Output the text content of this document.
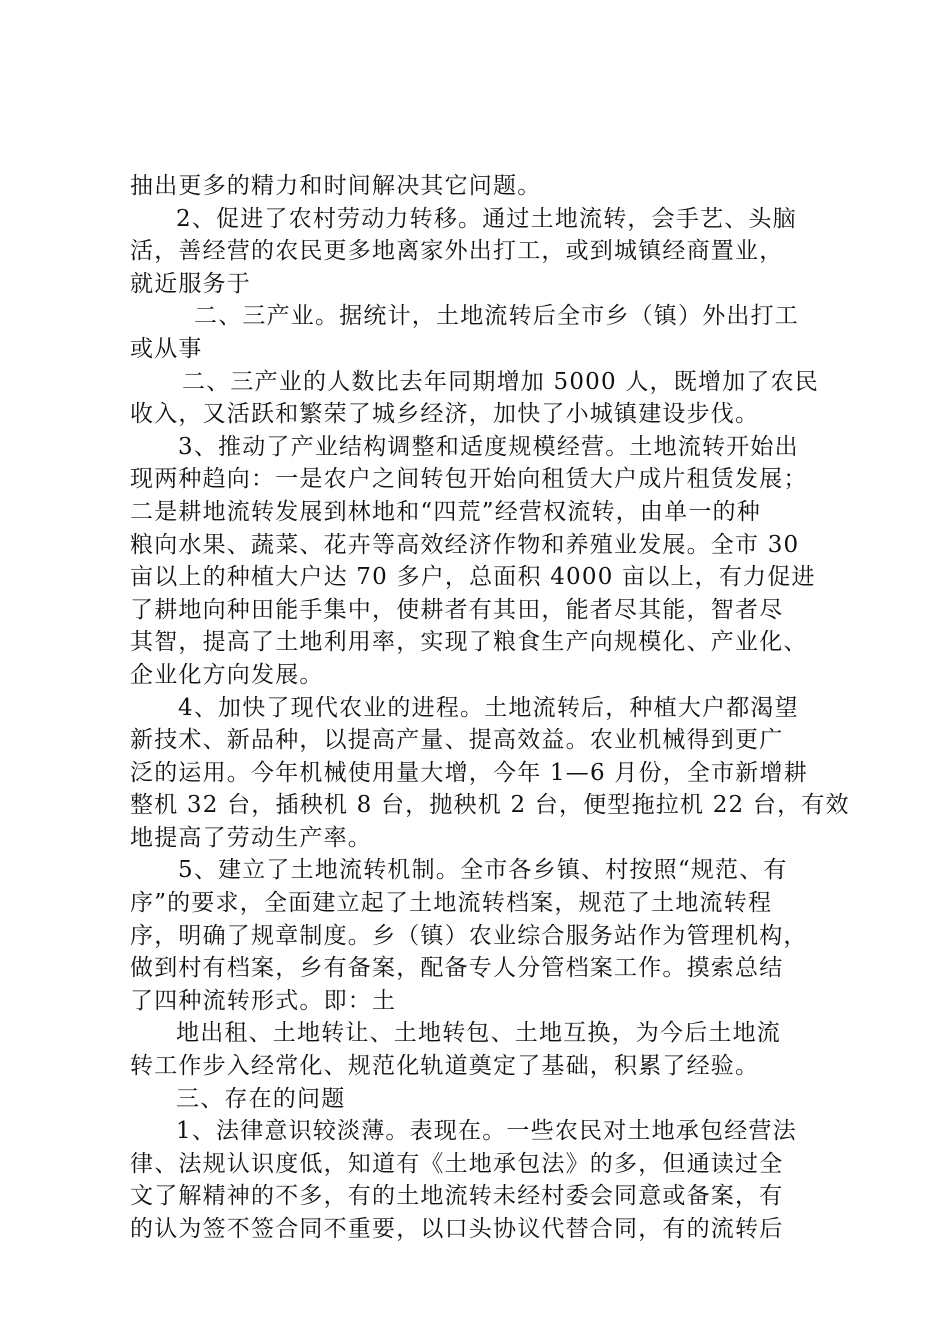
抽出更多的精力和时间解决其它问题。
2、促进了农村劳动力转移。通过土地流转，会手艺、头脑
活，善经营的农民更多地离家外出打工，或到城镇经商置业，
就近服务于
二、三产业。据统计，土地流转后全市乡（镇）外出打工
或从事
二、三产业的人数比去年同期增加 5000 人，既增加了农民
收入，又活跃和繁荣了城乡经济，加快了小城镇建设步伐。
3、推动了产业结构调整和适度规模经营。土地流转开始出
现两种趋向：一是农户之间转包开始向租赁大户成片租赁发展；
二是耕地流转发展到林地和“四荒”经营权流转，由单一的种
粮向水果、蔬菜、花卉等高效经济作物和养殖业发展。全市 30
亩以上的种植大户达 70 多户，总面积 4000 亩以上，有力促进
了耕地向种田能手集中，使耕者有其田，能者尽其能，智者尽
其智，提高了土地利用率，实现了粮食生产向规模化、产业化、
企业化方向发展。
4、加快了现代农业的进程。土地流转后，种植大户都渴望
新技术、新品种，以提高产量、提高效益。农业机械得到更广
泛的运用。今年机械使用量大增，今年 1—6 月份，全市新增耕
整机 32 台，插秧机 8 台，抛秧机 2 台，便型拖拉机 22 台，有效
地提高了劳动生产率。
5、建立了土地流转机制。全市各乡镇、村按照“规范、有
序”的要求，全面建立起了土地流转档案，规范了土地流转程
序，明确了规章制度。乡（镇）农业综合服务站作为管理机构，
做到村有档案，乡有备案，配备专人分管档案工作。摸索总结
了四种流转形式。即：土
地出租、土地转让、土地转包、土地互换，为今后土地流
转工作步入经常化、规范化轨道奠定了基础，积累了经验。
三、存在的问题
1、法律意识较淡薄。表现在。一些农民对土地承包经营法
律、法规认识度低，知道有《土地承包法》的多，但通读过全
文了解精神的不多，有的土地流转未经村委会同意或备案，有
的认为签不签合同不重要，以口头协议代替合同，有的流转后
